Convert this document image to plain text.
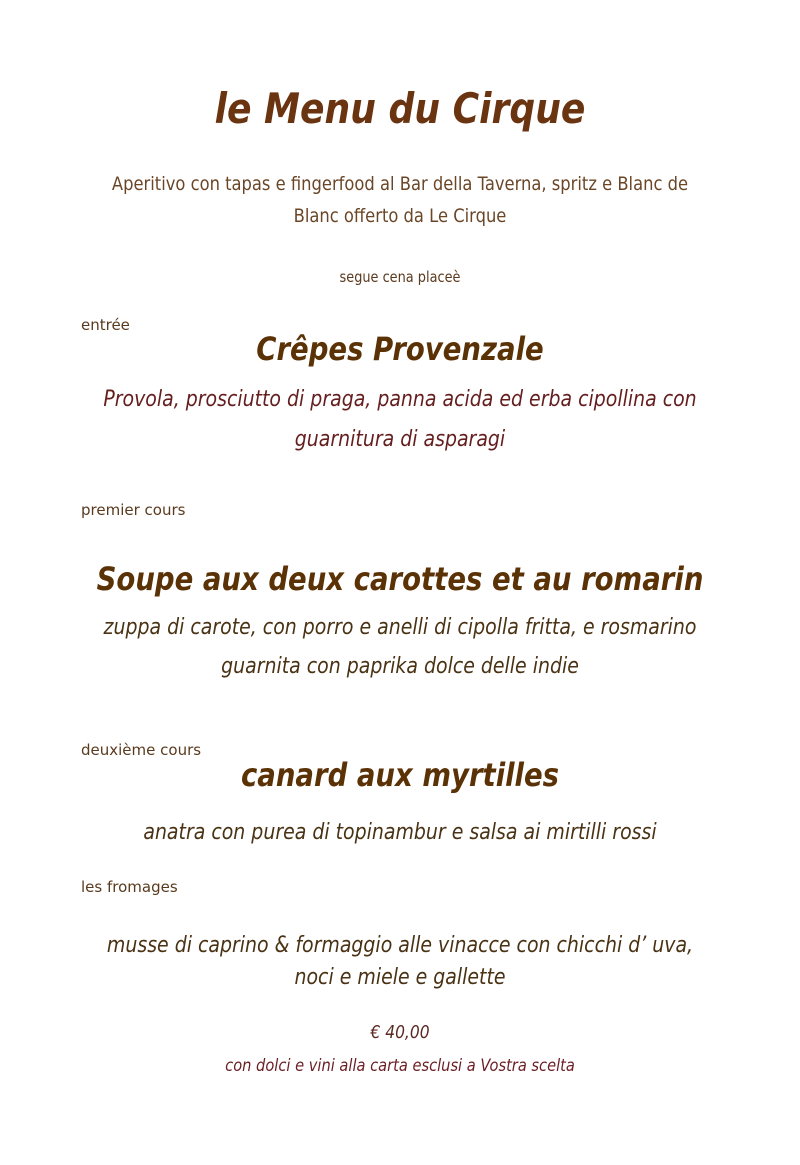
le Menu du Cirque
Aperitivo con tapas e fingerfood al Bar della Taverna, spritz e Blanc de
Blanc offerto da Le Cirque
segue cena placeè
entrée
Crêpes Provenzale
Provola, prosciutto di praga, panna acida ed erba cipollina con
guarnitura di asparagi
premier cours
Soupe aux deux carottes et au romarin
zuppa di carote, con porro e anelli di cipolla fritta, e rosmarino
guarnita con paprika dolce delle indie
deuxième cours
canard aux myrtilles
anatra con purea di topinambur e salsa ai mirtilli rossi
les fromages
musse di caprino & formaggio alle vinacce con chicchi d’ uva,
noci e miele e gallette
€ 40,00
con dolci e vini alla carta esclusi a Vostra scelta
